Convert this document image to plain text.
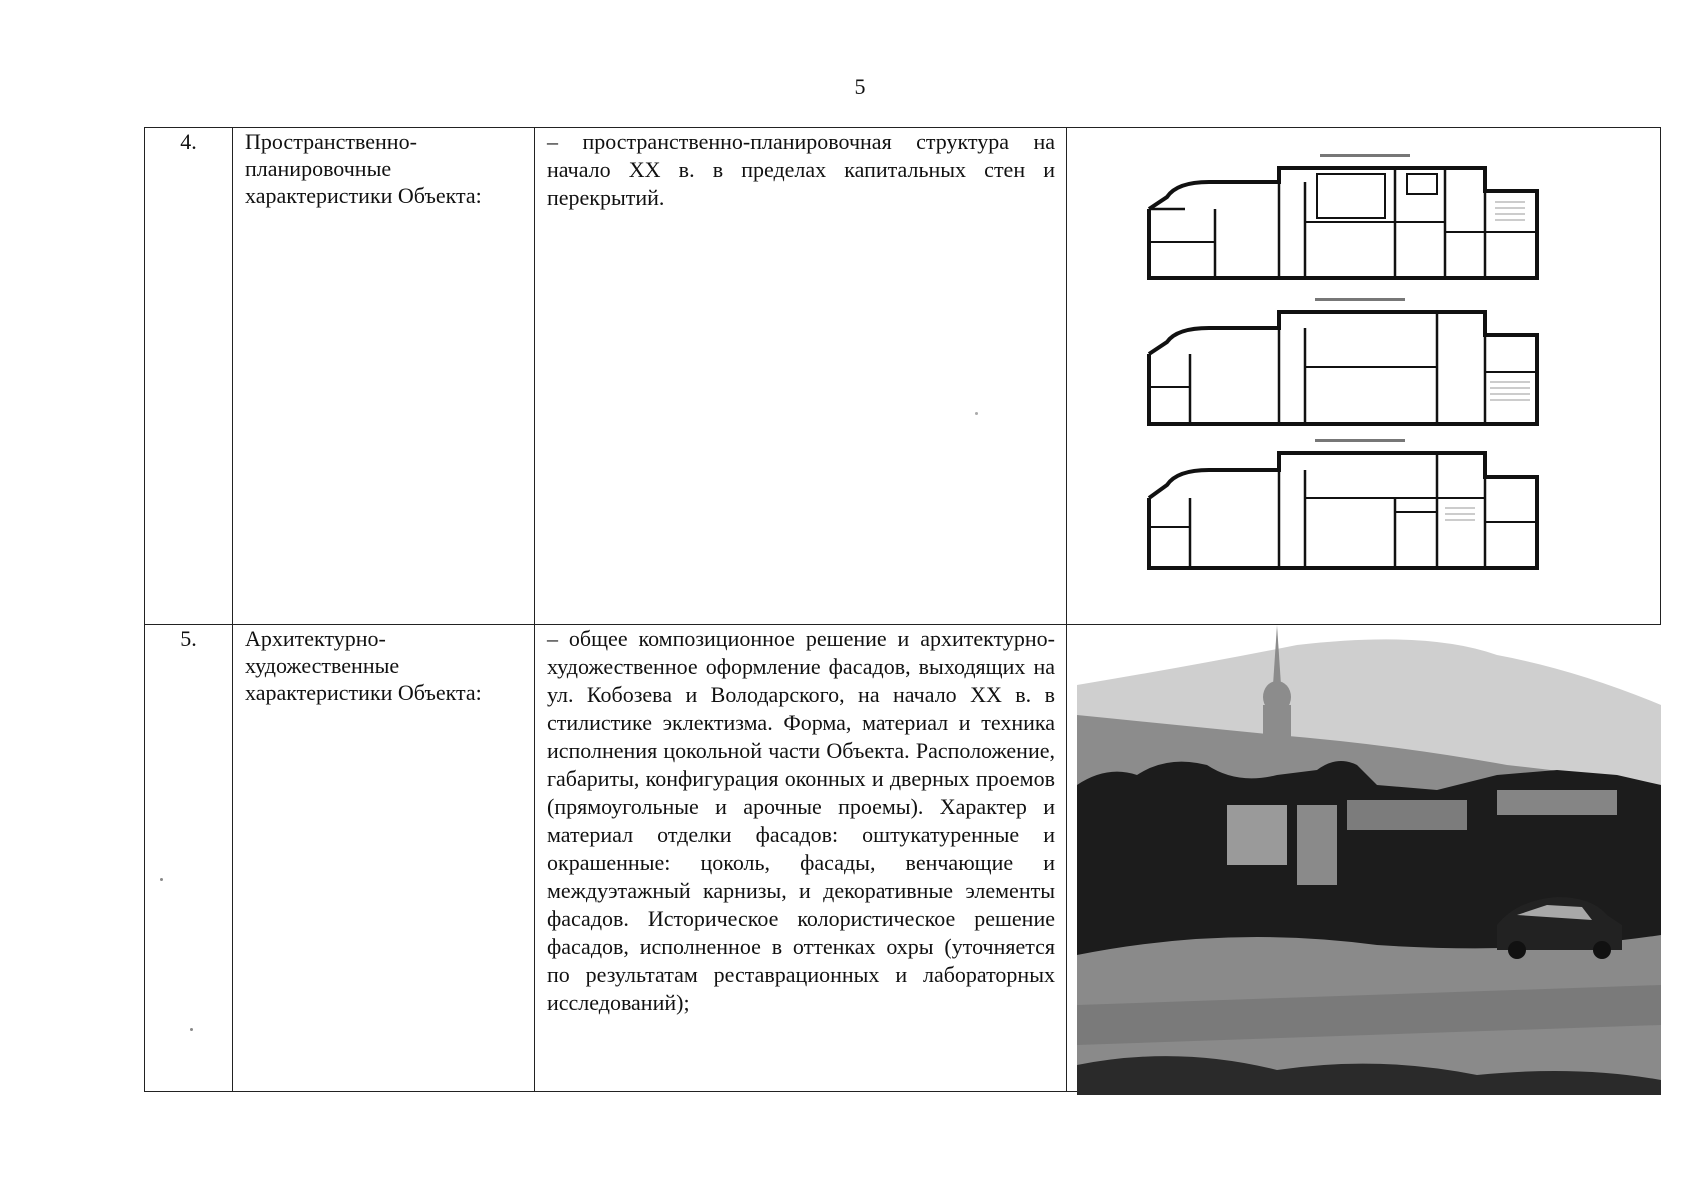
5
4.	Пространственно-планировочные характеристики Объекта:	– пространственно-планировочная структура на начало ХХ в. в пределах капитальных стен и перекрытий.	

5.	Архитектурно-художественные характеристики Объекта:	– общее композиционное решение и архитектурно-художественное оформление фасадов, выходящих на ул. Кобозева и Володарского, на начало ХХ в. в стилистике эклектизма. Форма, материал и техника исполнения цокольной части Объекта. Расположение, габариты, конфигурация оконных и дверных проемов (прямоугольные и арочные проемы). Характер и материал отделки фасадов: оштукатуренные и окрашенные: цоколь, фасады, венчающие и междуэтажный карнизы, и декоративные элементы фасадов. Историческое колористическое решение фасадов, исполненное в оттенках охры (уточняется по результатам реставрационных и лабораторных исследований);	
